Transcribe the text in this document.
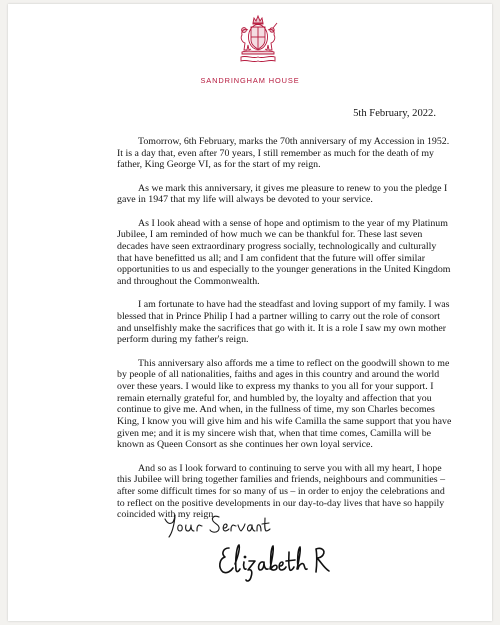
SANDRINGHAM HOUSE
5th February, 2022.

Tomorrow, 6th February, marks the 70th anniversary of my Accession in 1952. It is a day that, even after 70 years, I still remember as much for the death of my father, King George VI, as for the start of my reign.

As we mark this anniversary, it gives me pleasure to renew to you the pledge I gave in 1947 that my life will always be devoted to your service.

As I look ahead with a sense of hope and optimism to the year of my Platinum Jubilee, I am reminded of how much we can be thankful for. These last seven decades have seen extraordinary progress socially, technologically and culturally that have benefitted us all; and I am confident that the future will offer similar opportunities to us and especially to the younger generations in the United Kingdom and throughout the Commonwealth.

I am fortunate to have had the steadfast and loving support of my family. I was blessed that in Prince Philip I had a partner willing to carry out the role of consort and unselfishly make the sacrifices that go with it. It is a role I saw my own mother perform during my father's reign.

This anniversary also affords me a time to reflect on the goodwill shown to me by people of all nationalities, faiths and ages in this country and around the world over these years. I would like to express my thanks to you all for your support. I remain eternally grateful for, and humbled by, the loyalty and affection that you continue to give me. And when, in the fullness of time, my son Charles becomes King, I know you will give him and his wife Camilla the same support that you have given me; and it is my sincere wish that, when that time comes, Camilla will be known as Queen Consort as she continues her own loyal service.

And so as I look forward to continuing to serve you with all my heart, I hope this Jubilee will bring together families and friends, neighbours and communities – after some difficult times for so many of us – in order to enjoy the celebrations and to reflect on the positive developments in our day-to-day lives that have so happily coincided with my reign.
